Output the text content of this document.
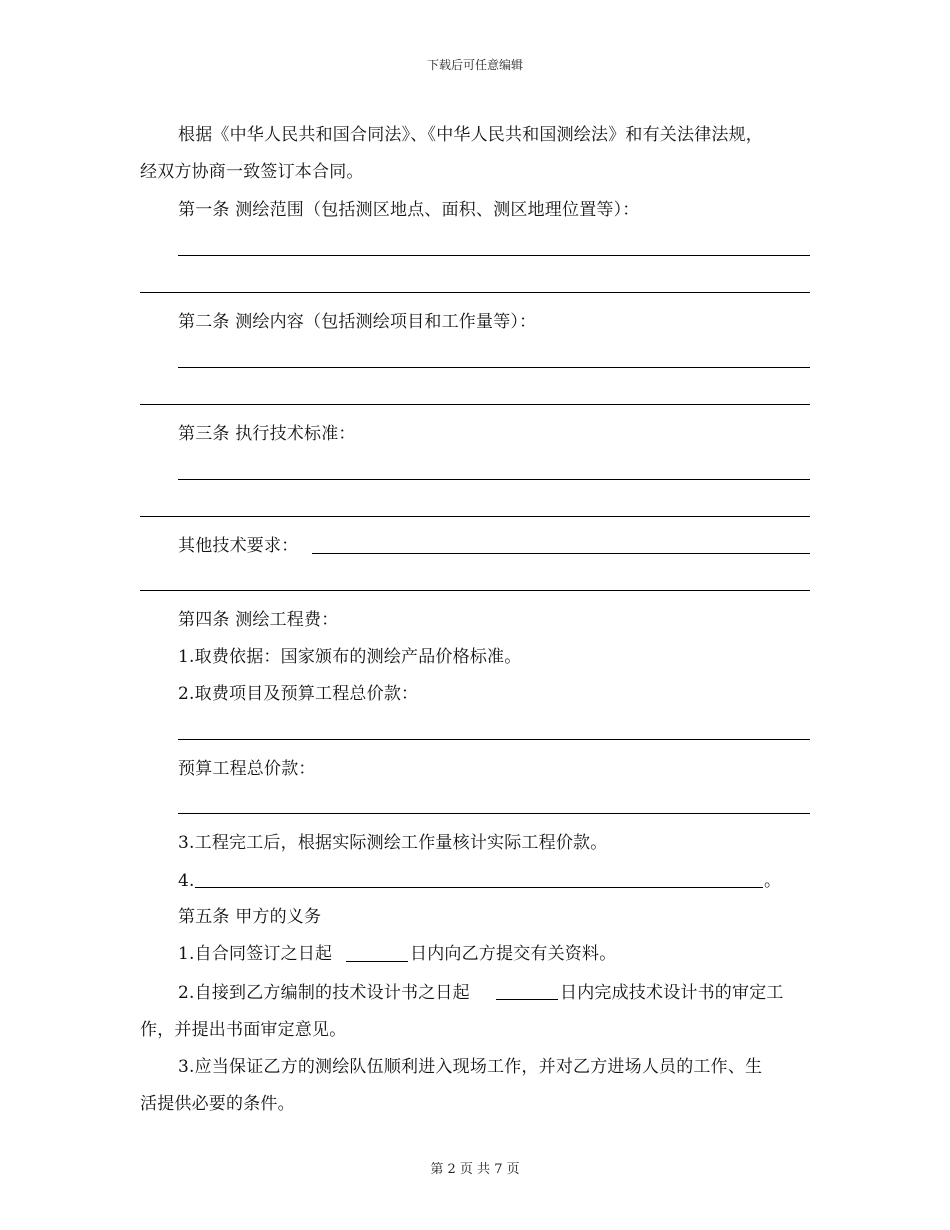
下载后可任意编辑
根据《中华人民共和国合同法》、《中华人民共和国测绘法》和有关法律法规，
经双方协商一致签订本合同。
第一条 测绘范围（包括测区地点、面积、测区地理位置等）：
第二条 测绘内容（包括测绘项目和工作量等）：
第三条 执行技术标准：
其他技术要求：
第四条 测绘工程费：
1.取费依据：国家颁布的测绘产品价格标准。
2.取费项目及预算工程总价款：
预算工程总价款：
3.工程完工后，根据实际测绘工作量核计实际工程价款。
4.	。
第五条 甲方的义务
1.自合同签订之日起	日内向乙方提交有关资料。
2.自接到乙方编制的技术设计书之日起	日内完成技术设计书的审定工
作，并提出书面审定意见。
3.应当保证乙方的测绘队伍顺利进入现场工作，并对乙方进场人员的工作、生
活提供必要的条件。
第 2 页 共 7 页
